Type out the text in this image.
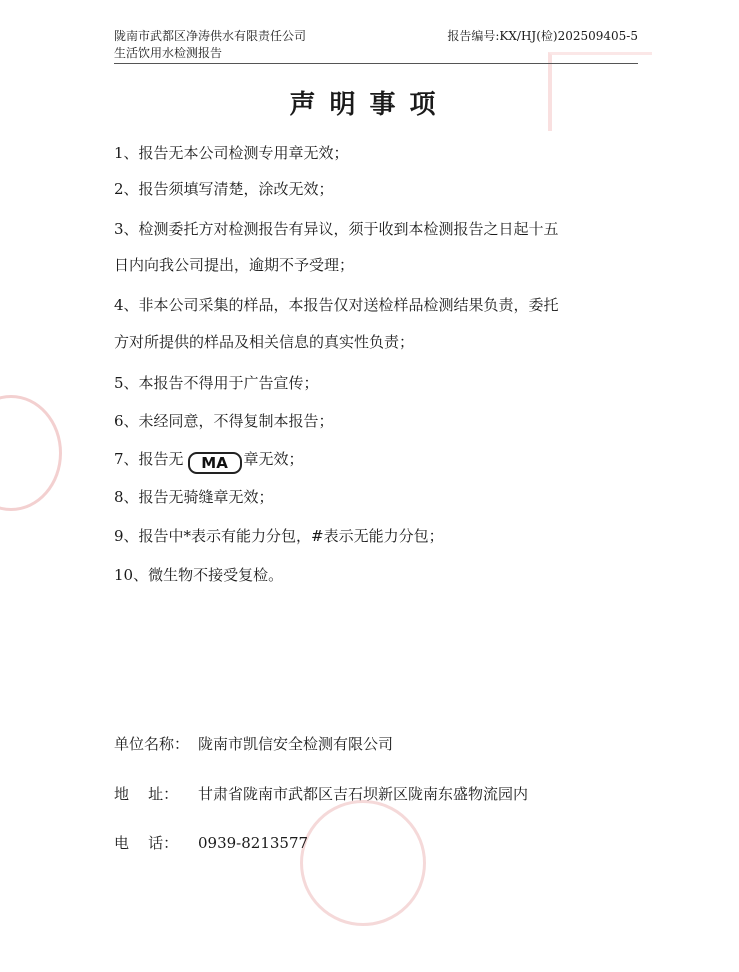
陇南市武都区净涛供水有限责任公司	报告编号:KX/HJ(检)202509405-5
生活饮用水检测报告
声明事项
1、报告无本公司检测专用章无效；
2、报告须填写清楚，涂改无效；
3、检测委托方对检测报告有异议，须于收到本检测报告之日起十五
日内向我公司提出，逾期不予受理；
4、非本公司采集的样品，本报告仅对送检样品检测结果负责，委托
方对所提供的样品及相关信息的真实性负责；
5、本报告不得用于广告宣传；
6、未经同意，不得复制本报告；
7、报告无 MA 章无效；
8、报告无骑缝章无效；
9、报告中*表示有能力分包，#表示无能力分包；
10、微生物不接受复检。
单位名称： 陇南市凯信安全检测有限公司
地    址： 甘肃省陇南市武都区吉石坝新区陇南东盛物流园内
电    话： 0939-8213577
